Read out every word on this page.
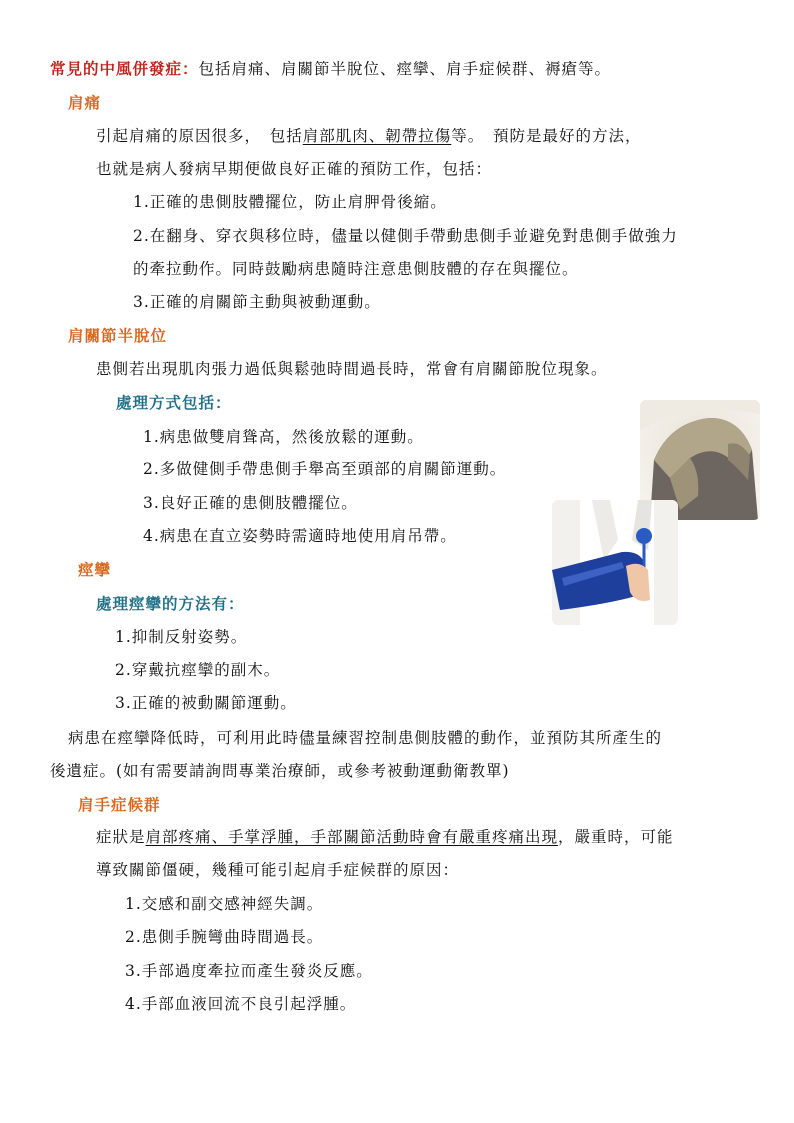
常見的中風併發症：包括肩痛、肩關節半脫位、痙攣、肩手症候群、褥瘡等。
肩痛
引起肩痛的原因很多，　包括肩部肌肉、韌帶拉傷等。　預防是最好的方法，
也就是病人發病早期便做良好正確的預防工作，包括：
1.正確的患側肢體擺位，防止肩胛骨後縮。
2.在翻身、穿衣與移位時，儘量以健側手帶動患側手並避免對患側手做強力
的牽拉動作。同時鼓勵病患隨時注意患側肢體的存在與擺位。
3.正確的肩關節主動與被動運動。
肩關節半脫位
患側若出現肌肉張力過低與鬆弛時間過長時，常會有肩關節脫位現象。
處理方式包括：
1.病患做雙肩聳高，然後放鬆的運動。
2.多做健側手帶患側手舉高至頭部的肩關節運動。
3.良好正確的患側肢體擺位。
4.病患在直立姿勢時需適時地使用肩吊帶。
痙攣
處理痙攣的方法有：
1.抑制反射姿勢。
2.穿戴抗痙攣的副木。
3.正確的被動關節運動。
病患在痙攣降低時，可利用此時儘量練習控制患側肢體的動作，並預防其所產生的
後遺症。(如有需要請詢問專業治療師，或參考被動運動衛教單)
肩手症候群
症狀是肩部疼痛、手掌浮腫，手部關節活動時會有嚴重疼痛出現，嚴重時，可能
導致關節僵硬，幾種可能引起肩手症候群的原因：
1.交感和副交感神經失調。
2.患側手腕彎曲時間過長。
3.手部過度牽拉而產生發炎反應。
4.手部血液回流不良引起浮腫。
